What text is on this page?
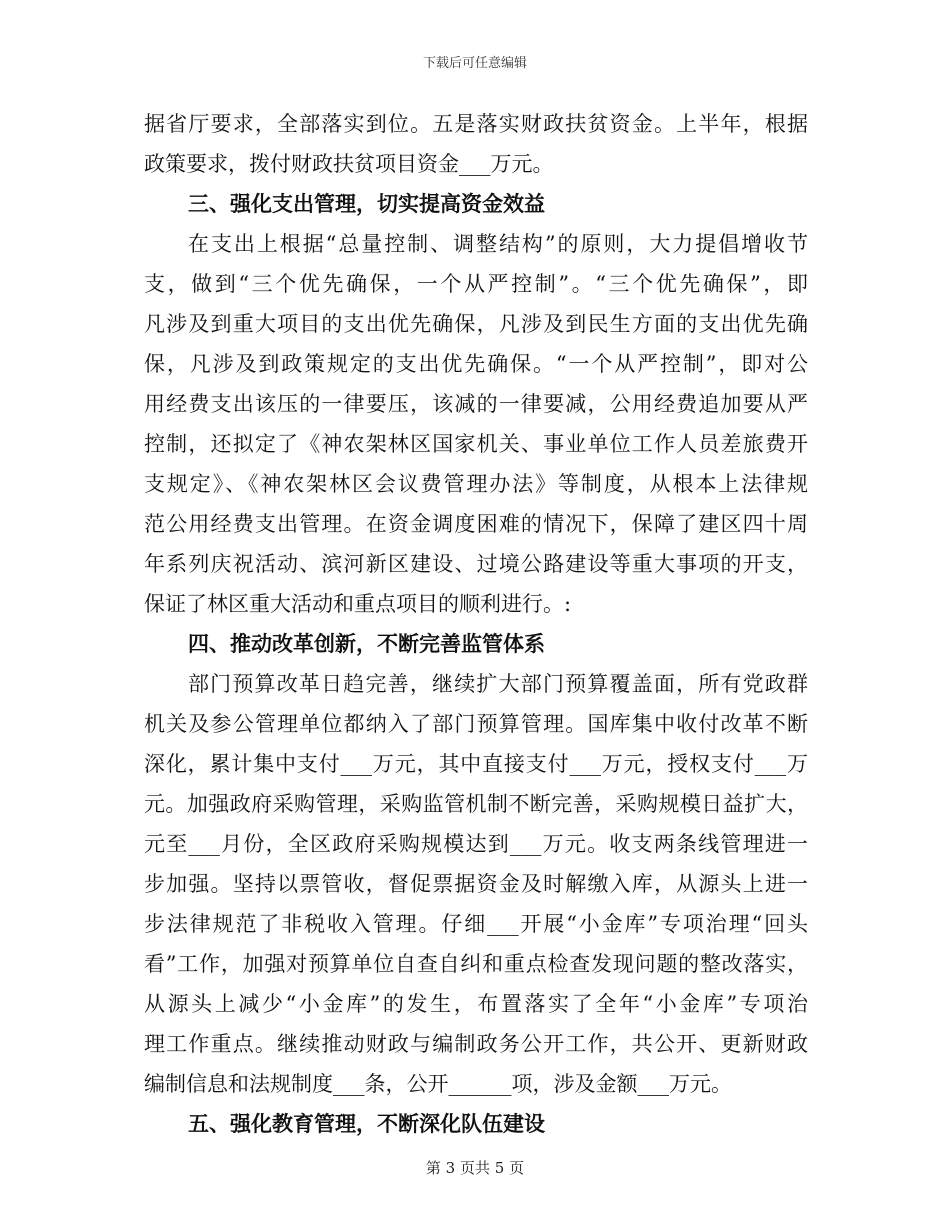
下载后可任意编辑
据省厅要求，全部落实到位。五是落实财政扶贫资金。上半年，根据
政策要求，拨付财政扶贫项目资金___万元。
三、强化支出管理，切实提高资金效益
在支出上根据“总量控制、调整结构”的原则，大力提倡增收节
支，做到“三个优先确保，一个从严控制”。“三个优先确保”，即
凡涉及到重大项目的支出优先确保，凡涉及到民生方面的支出优先确
保，凡涉及到政策规定的支出优先确保。“一个从严控制”，即对公
用经费支出该压的一律要压，该减的一律要减，公用经费追加要从严
控制，还拟定了《神农架林区国家机关、事业单位工作人员差旅费开
支规定》、《神农架林区会议费管理办法》等制度，从根本上法律规
范公用经费支出管理。在资金调度困难的情况下，保障了建区四十周
年系列庆祝活动、滨河新区建设、过境公路建设等重大事项的开支，
保证了林区重大活动和重点项目的顺利进行。:
四、推动改革创新，不断完善监管体系
部门预算改革日趋完善，继续扩大部门预算覆盖面，所有党政群
机关及参公管理单位都纳入了部门预算管理。国库集中收付改革不断
深化，累计集中支付___万元，其中直接支付___万元，授权支付___万
元。加强政府采购管理，采购监管机制不断完善，采购规模日益扩大，
元至___月份，全区政府采购规模达到___万元。收支两条线管理进一
步加强。坚持以票管收，督促票据资金及时解缴入库，从源头上进一
步法律规范了非税收入管理。仔细___开展“小金库”专项治理“回头
看”工作，加强对预算单位自查自纠和重点检查发现问题的整改落实，
从源头上减少“小金库”的发生，布置落实了全年“小金库”专项治
理工作重点。继续推动财政与编制政务公开工作，共公开、更新财政
编制信息和法规制度___条，公开______项，涉及金额___万元。
五、强化教育管理，不断深化队伍建设
第 3 页共 5 页
